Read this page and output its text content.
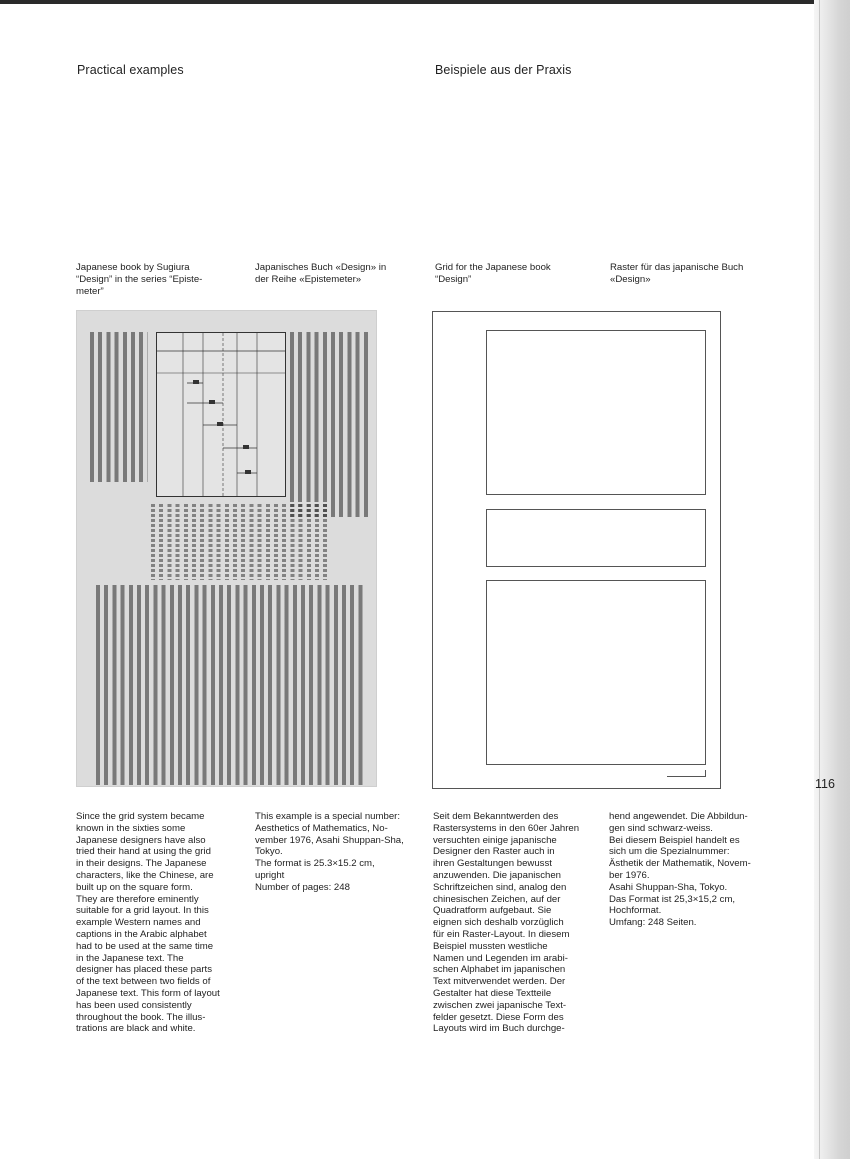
Practical examples	Beispiele aus der Praxis
Japanese book by Sugiura
“Design” in the series “Episte-
meter”
Japanisches Buch «Design» in
der Reihe «Epistemeter»
Grid for the Japanese book
“Design”
Raster für das japanische Buch
«Design»

116
Since the grid system became
known in the sixties some
Japanese designers have also
tried their hand at using the grid
in their designs. The Japanese
characters, like the Chinese, are
built up on the square form.
They are therefore eminently
suitable for a grid layout. In this
example Western names and
captions in the Arabic alphabet
had to be used at the same time
in the Japanese text. The
designer has placed these parts
of the text between two fields of
Japanese text. This form of layout
has been used consistently
throughout the book. The illus-
trations are black and white.
This example is a special number:
Aesthetics of Mathematics, No-
vember 1976, Asahi Shuppan-Sha,
Tokyo.
The format is 25.3×15.2 cm,
upright
Number of pages: 248
Seit dem Bekanntwerden des
Rastersystems in den 60er Jahren
versuchten einige japanische
Designer den Raster auch in
ihren Gestaltungen bewusst
anzuwenden. Die japanischen
Schriftzeichen sind, analog den
chinesischen Zeichen, auf der
Quadratform aufgebaut. Sie
eignen sich deshalb vorzüglich
für ein Raster-Layout. In diesem
Beispiel mussten westliche
Namen und Legenden im arabi-
schen Alphabet im japanischen
Text mitverwendet werden. Der
Gestalter hat diese Textteile
zwischen zwei japanische Text-
felder gesetzt. Diese Form des
Layouts wird im Buch durchge-
hend angewendet. Die Abbildun-
gen sind schwarz-weiss.
Bei diesem Beispiel handelt es
sich um die Spezialnummer:
Ästhetik der Mathematik, Novem-
ber 1976.
Asahi Shuppan-Sha, Tokyo.
Das Format ist 25,3×15,2 cm,
Hochformat.
Umfang: 248 Seiten.
